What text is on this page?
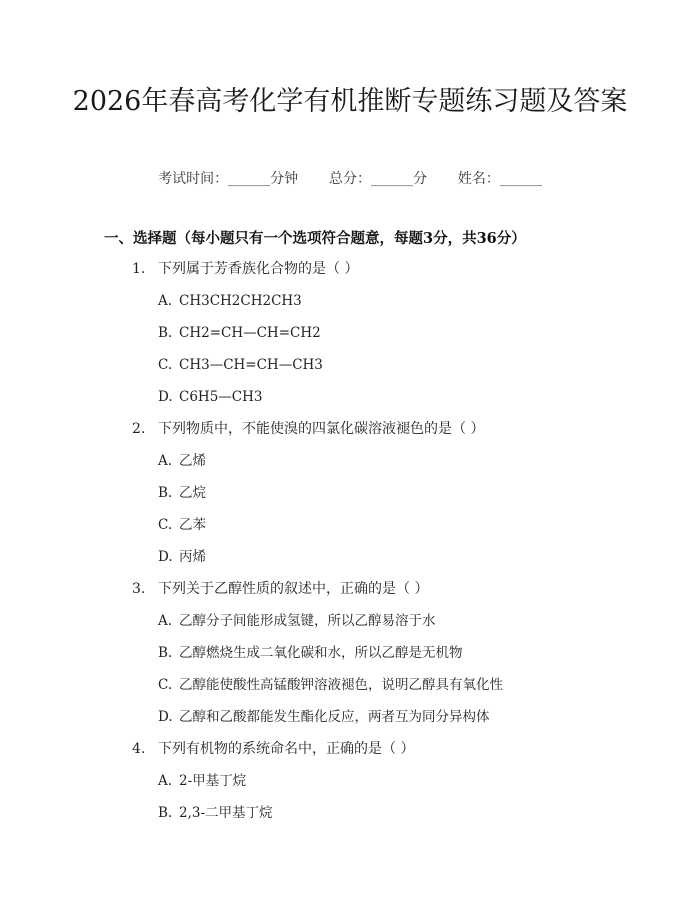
2026年春高考化学有机推断专题练习题及答案
考试时间：______分钟 总分：______分 姓名：______
一、选择题（每小题只有一个选项符合题意，每题3分，共36分）
1. 下列属于芳香族化合物的是（ ）
A. CH3CH2CH2CH3
B. CH2=CH—CH=CH2
C. CH3—CH=CH—CH3
D. C6H5—CH3
2. 下列物质中，不能使溴的四氯化碳溶液褪色的是（ ）
A. 乙烯
B. 乙烷
C. 乙苯
D. 丙烯
3. 下列关于乙醇性质的叙述中，正确的是（ ）
A. 乙醇分子间能形成氢键，所以乙醇易溶于水
B. 乙醇燃烧生成二氧化碳和水，所以乙醇是无机物
C. 乙醇能使酸性高锰酸钾溶液褪色，说明乙醇具有氧化性
D. 乙醇和乙酸都能发生酯化反应，两者互为同分异构体
4. 下列有机物的系统命名中，正确的是（ ）
A. 2-甲基丁烷
B. 2,3-二甲基丁烷
